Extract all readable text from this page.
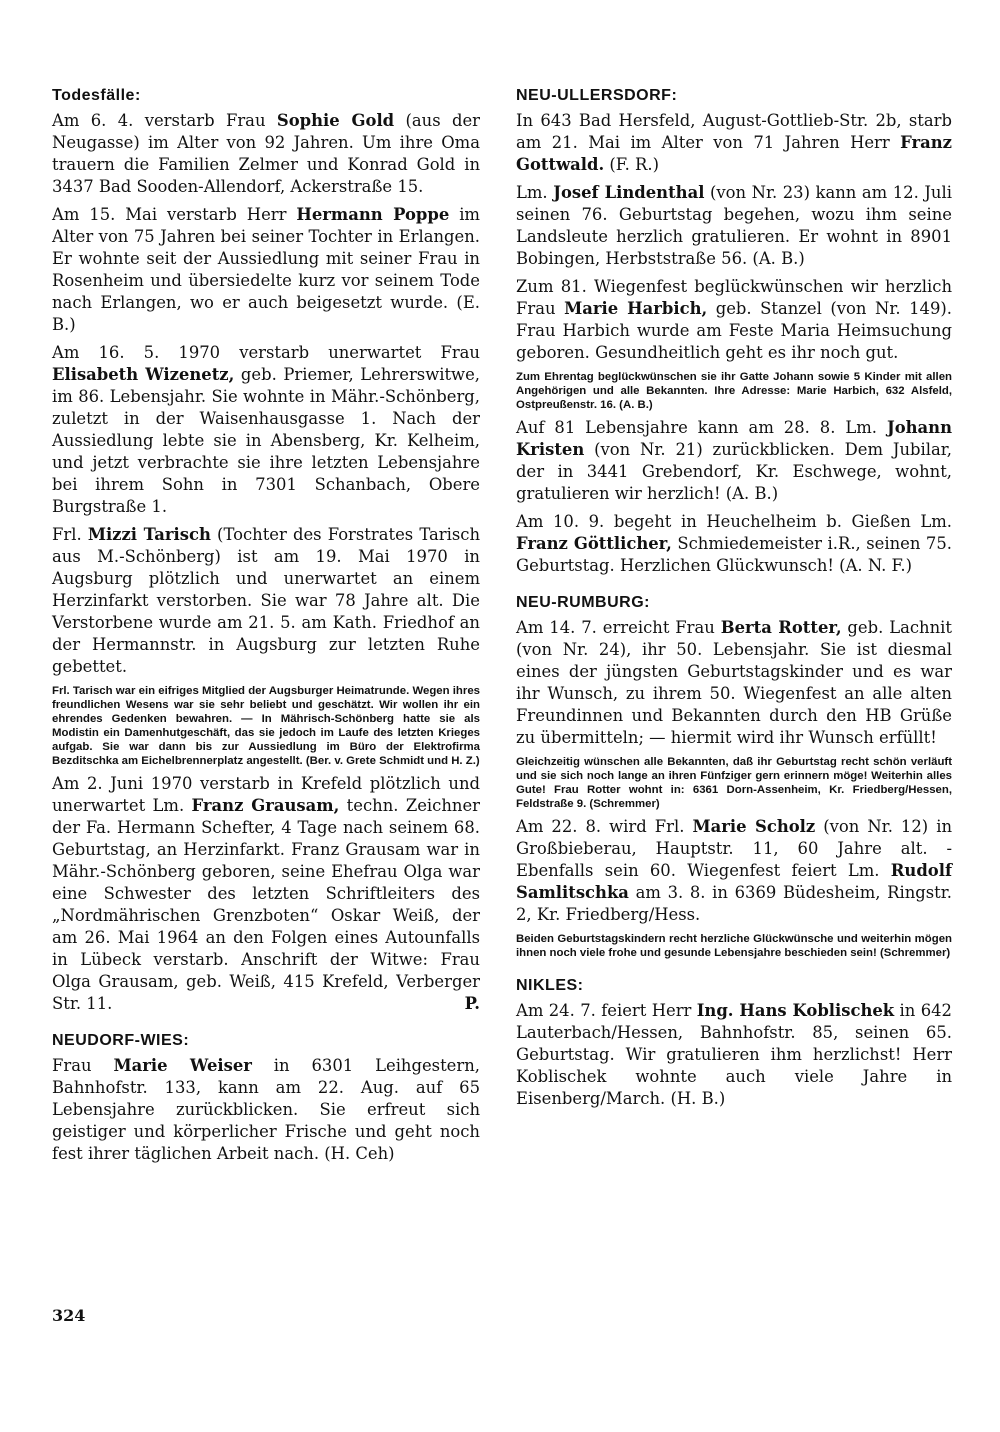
Todesfälle:

Am 6. 4. verstarb Frau Sophie Gold (aus der Neugasse) im Alter von 92 Jahren. Um ihre Oma trauern die Familien Zelmer und Konrad Gold in 3437 Bad Sooden-Allendorf, Ackerstraße 15.

Am 15. Mai verstarb Herr Hermann Poppe im Alter von 75 Jahren bei seiner Tochter in Erlangen. Er wohnte seit der Aussiedlung mit seiner Frau in Rosenheim und übersiedelte kurz vor seinem Tode nach Erlangen, wo er auch beigesetzt wurde. (E. B.)

Am 16. 5. 1970 verstarb unerwartet Frau Elisabeth Wizenetz, geb. Priemer, Lehrerswitwe, im 86. Lebensjahr. Sie wohnte in Mähr.-Schönberg, zuletzt in der Waisenhausgasse 1. Nach der Aussiedlung lebte sie in Abensberg, Kr. Kelheim, und jetzt verbrachte sie ihre letzten Lebensjahre bei ihrem Sohn in 7301 Schanbach, Obere Burgstraße 1.

Frl. Mizzi Tarisch (Tochter des Forstrates Tarisch aus M.-Schönberg) ist am 19. Mai 1970 in Augsburg plötzlich und unerwartet an einem Herzinfarkt verstorben. Sie war 78 Jahre alt. Die Verstorbene wurde am 21. 5. am Kath. Friedhof an der Hermannstr. in Augsburg zur letzten Ruhe gebettet.

Frl. Tarisch war ein eifriges Mitglied der Augsburger Heimatrunde. Wegen ihres freundlichen Wesens war sie sehr beliebt und geschätzt. Wir wollen ihr ein ehrendes Gedenken bewahren. — In Mährisch-Schönberg hatte sie als Modistin ein Damenhutgeschäft, das sie jedoch im Laufe des letzten Krieges aufgab. Sie war dann bis zur Aussiedlung im Büro der Elektrofirma Bezditschka am Eichelbrennerplatz angestellt. (Ber. v. Grete Schmidt und H. Z.)

Am 2. Juni 1970 verstarb in Krefeld plötzlich und unerwartet Lm. Franz Grausam, techn. Zeichner der Fa. Hermann Schefter, 4 Tage nach seinem 68. Geburtstag, an Herzinfarkt. Franz Grausam war in Mähr.-Schönberg geboren, seine Ehefrau Olga war eine Schwester des letzten Schriftleiters des „Nordmährischen Grenzboten“ Oskar Weiß, der am 26. Mai 1964 an den Folgen eines Autounfalls in Lübeck verstarb. Anschrift der Witwe: Frau Olga Grausam, geb. Weiß, 415 Krefeld, Verberger Str. 11.	P.

NEUDORF-WIES:

Frau Marie Weiser in 6301 Leihgestern, Bahnhofstr. 133, kann am 22. Aug. auf 65 Lebensjahre zurückblicken. Sie erfreut sich geistiger und körperlicher Frische und geht noch fest ihrer täglichen Arbeit nach. (H. Ceh)

NEU-ULLERSDORF:

In 643 Bad Hersfeld, August-Gottlieb-Str. 2b, starb am 21. Mai im Alter von 71 Jahren Herr Franz Gottwald. (F. R.)

Lm. Josef Lindenthal (von Nr. 23) kann am 12. Juli seinen 76. Geburtstag begehen, wozu ihm seine Landsleute herzlich gratulieren. Er wohnt in 8901 Bobingen, Herbststraße 56. (A. B.)

Zum 81. Wiegenfest beglückwünschen wir herzlich Frau Marie Harbich, geb. Stanzel (von Nr. 149). Frau Harbich wurde am Feste Maria Heimsuchung geboren. Gesundheitlich geht es ihr noch gut.

Zum Ehrentag beglückwünschen sie ihr Gatte Johann sowie 5 Kinder mit allen Angehörigen und alle Bekannten. Ihre Adresse: Marie Harbich, 632 Alsfeld, Ostpreußenstr. 16. (A. B.)

Auf 81 Lebensjahre kann am 28. 8. Lm. Johann Kristen (von Nr. 21) zurückblicken. Dem Jubilar, der in 3441 Grebendorf, Kr. Eschwege, wohnt, gratulieren wir herzlich! (A. B.)

Am 10. 9. begeht in Heuchelheim b. Gießen Lm. Franz Göttlicher, Schmiedemeister i.R., seinen 75. Geburtstag. Herzlichen Glückwunsch! (A. N. F.)

NEU-RUMBURG:

Am 14. 7. erreicht Frau Berta Rotter, geb. Lachnit (von Nr. 24), ihr 50. Lebensjahr. Sie ist diesmal eines der jüngsten Geburtstagskinder und es war ihr Wunsch, zu ihrem 50. Wiegenfest an alle alten Freundinnen und Bekannten durch den HB Grüße zu übermitteln; — hiermit wird ihr Wunsch erfüllt!

Gleichzeitig wünschen alle Bekannten, daß ihr Geburtstag recht schön verläuft und sie sich noch lange an ihren Fünfziger gern erinnern möge! Weiterhin alles Gute! Frau Rotter wohnt in: 6361 Dorn-Assenheim, Kr. Friedberg/Hessen, Feldstraße 9. (Schremmer)

Am 22. 8. wird Frl. Marie Scholz (von Nr. 12) in Großbieberau, Hauptstr. 11, 60 Jahre alt. - Ebenfalls sein 60. Wiegenfest feiert Lm. Rudolf Samlitschka am 3. 8. in 6369 Büdesheim, Ringstr. 2, Kr. Friedberg/Hess.

Beiden Geburtstagskindern recht herzliche Glückwünsche und weiterhin mögen ihnen noch viele frohe und gesunde Lebensjahre beschieden sein! (Schremmer)

NIKLES:

Am 24. 7. feiert Herr Ing. Hans Koblischek in 642 Lauterbach/Hessen, Bahnhofstr. 85, seinen 65. Geburtstag. Wir gratulieren ihm herzlichst! Herr Koblischek wohnte auch viele Jahre in Eisenberg/March. (H. B.)

324
